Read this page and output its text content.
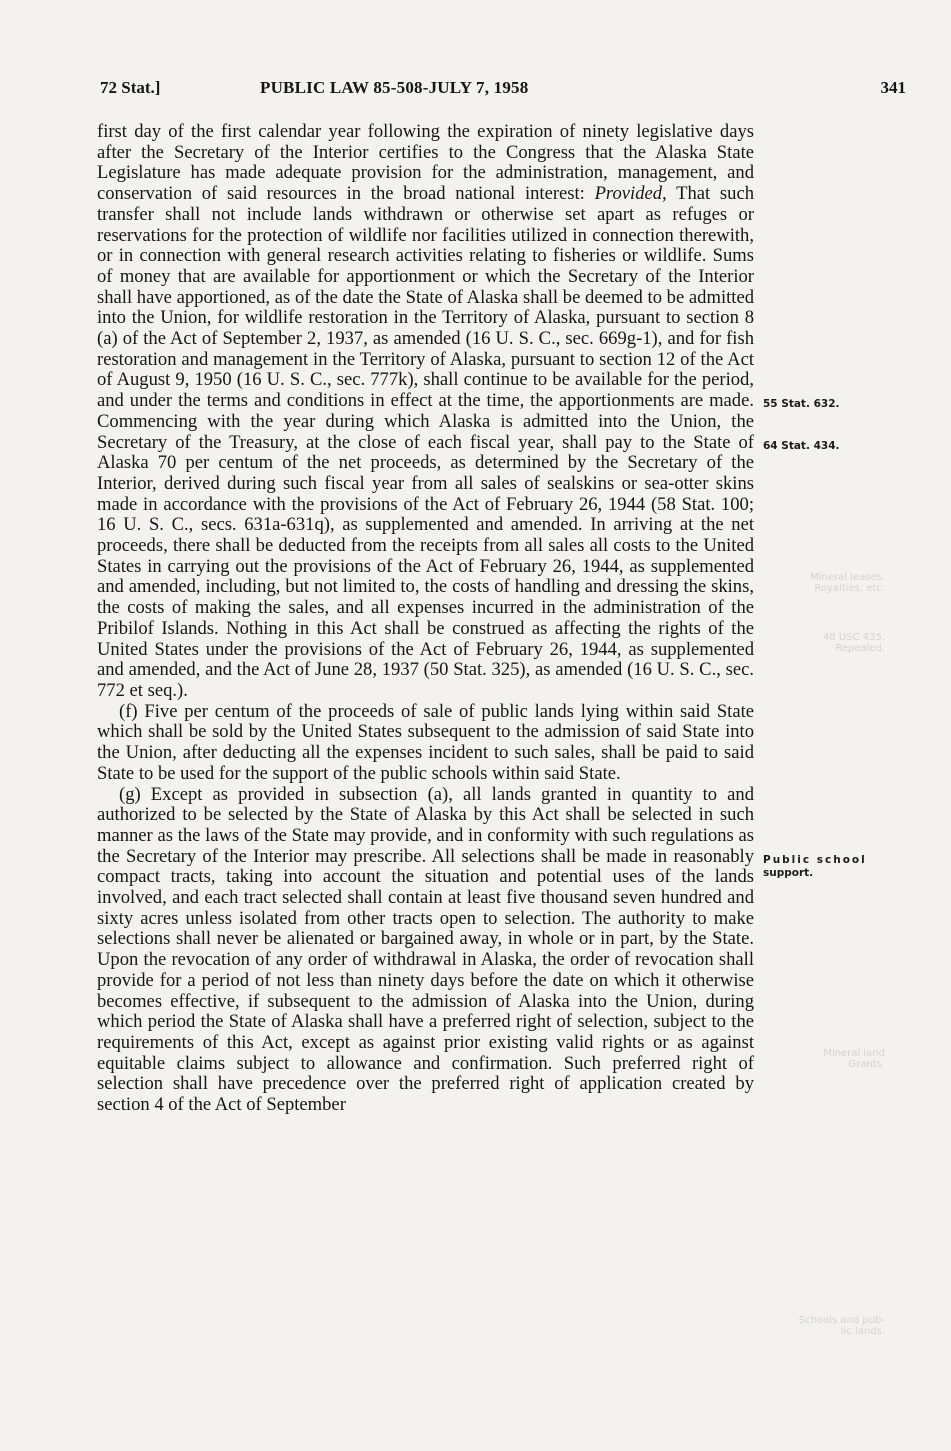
72 Stat.]	PUBLIC LAW 85-508-JULY 7, 1958	341

first day of the first calendar year following the expiration of ninety legislative days after the Secretary of the Interior certifies to the Congress that the Alaska State Legislature has made adequate provision for the administration, management, and conservation of said resources in the broad national interest: Provided, That such transfer shall not include lands withdrawn or otherwise set apart as refuges or reservations for the protection of wildlife nor facilities utilized in connection therewith, or in connection with general research activities relating to fisheries or wildlife. Sums of money that are available for apportionment or which the Secretary of the Interior shall have apportioned, as of the date the State of Alaska shall be deemed to be admitted into the Union, for wildlife restoration in the Territory of Alaska, pursuant to section 8 (a) of the Act of September 2, 1937, as amended (16 U. S. C., sec. 669g-1), and for fish restoration and management in the Territory of Alaska, pursuant to section 12 of the Act of August 9, 1950 (16 U. S. C., sec. 777k), shall continue to be available for the period, and under the terms and conditions in effect at the time, the apportionments are made. Commencing with the year during which Alaska is admitted into the Union, the Secretary of the Treasury, at the close of each fiscal year, shall pay to the State of Alaska 70 per centum of the net proceeds, as determined by the Secretary of the Interior, derived during such fiscal year from all sales of sealskins or sea-otter skins made in accordance with the provisions of the Act of February 26, 1944 (58 Stat. 100; 16 U. S. C., secs. 631a-631q), as supplemented and amended. In arriving at the net proceeds, there shall be deducted from the receipts from all sales all costs to the United States in carrying out the provisions of the Act of February 26, 1944, as supplemented and amended, including, but not limited to, the costs of handling and dressing the skins, the costs of making the sales, and all expenses incurred in the administration of the Pribilof Islands. Nothing in this Act shall be construed as affecting the rights of the United States under the provisions of the Act of February 26, 1944, as supplemented and amended, and the Act of June 28, 1937 (50 Stat. 325), as amended (16 U. S. C., sec. 772 et seq.).

(f) Five per centum of the proceeds of sale of public lands lying within said State which shall be sold by the United States subsequent to the admission of said State into the Union, after deducting all the expenses incident to such sales, shall be paid to said State to be used for the support of the public schools within said State.

(g) Except as provided in subsection (a), all lands granted in quantity to and authorized to be selected by the State of Alaska by this Act shall be selected in such manner as the laws of the State may provide, and in conformity with such regulations as the Secretary of the Interior may prescribe. All selections shall be made in reasonably compact tracts, taking into account the situation and potential uses of the lands involved, and each tract selected shall contain at least five thousand seven hundred and sixty acres unless isolated from other tracts open to selection. The authority to make selections shall never be alienated or bargained away, in whole or in part, by the State. Upon the revocation of any order of withdrawal in Alaska, the order of revocation shall provide for a period of not less than ninety days before the date on which it otherwise becomes effective, if subsequent to the admission of Alaska into the Union, during which period the State of Alaska shall have a preferred right of selection, subject to the requirements of this Act, except as against prior existing valid rights or as against equitable claims subject to allowance and confirmation. Such preferred right of selection shall have precedence over the preferred right of application created by section 4 of the Act of September

55 Stat. 632.
64 Stat. 434.
Public school
support.
Mineral leases.
Royalties, etc.
48 USC 435.
Repealed.
Mineral land
Grants.
Schools and pub-
lic lands.
